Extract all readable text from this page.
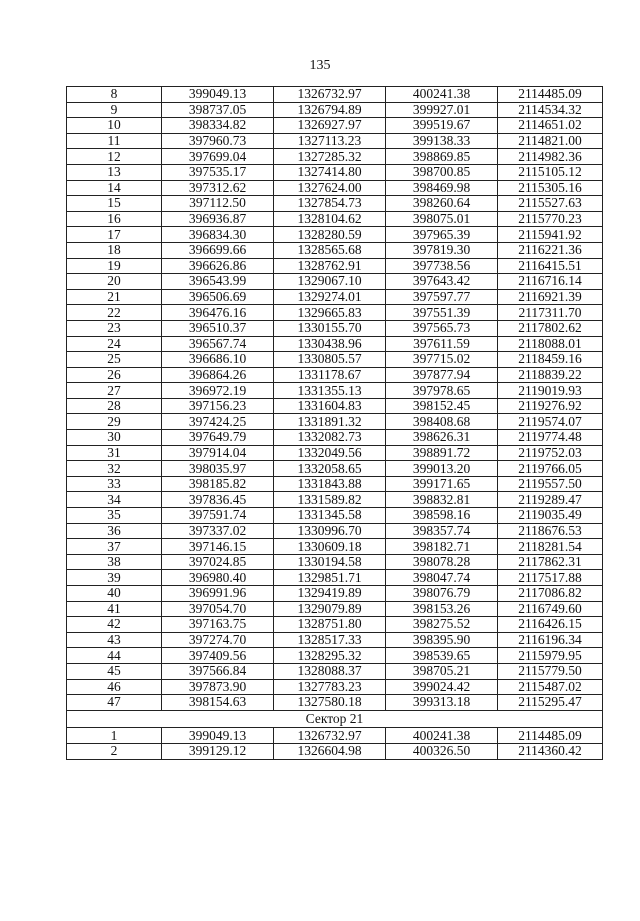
135
8	399049.13	1326732.97	400241.38	2114485.09
9	398737.05	1326794.89	399927.01	2114534.32
10	398334.82	1326927.97	399519.67	2114651.02
11	397960.73	1327113.23	399138.33	2114821.00
12	397699.04	1327285.32	398869.85	2114982.36
13	397535.17	1327414.80	398700.85	2115105.12
14	397312.62	1327624.00	398469.98	2115305.16
15	397112.50	1327854.73	398260.64	2115527.63
16	396936.87	1328104.62	398075.01	2115770.23
17	396834.30	1328280.59	397965.39	2115941.92
18	396699.66	1328565.68	397819.30	2116221.36
19	396626.86	1328762.91	397738.56	2116415.51
20	396543.99	1329067.10	397643.42	2116716.14
21	396506.69	1329274.01	397597.77	2116921.39
22	396476.16	1329665.83	397551.39	2117311.70
23	396510.37	1330155.70	397565.73	2117802.62
24	396567.74	1330438.96	397611.59	2118088.01
25	396686.10	1330805.57	397715.02	2118459.16
26	396864.26	1331178.67	397877.94	2118839.22
27	396972.19	1331355.13	397978.65	2119019.93
28	397156.23	1331604.83	398152.45	2119276.92
29	397424.25	1331891.32	398408.68	2119574.07
30	397649.79	1332082.73	398626.31	2119774.48
31	397914.04	1332049.56	398891.72	2119752.03
32	398035.97	1332058.65	399013.20	2119766.05
33	398185.82	1331843.88	399171.65	2119557.50
34	397836.45	1331589.82	398832.81	2119289.47
35	397591.74	1331345.58	398598.16	2119035.49
36	397337.02	1330996.70	398357.74	2118676.53
37	397146.15	1330609.18	398182.71	2118281.54
38	397024.85	1330194.58	398078.28	2117862.31
39	396980.40	1329851.71	398047.74	2117517.88
40	396991.96	1329419.89	398076.79	2117086.82
41	397054.70	1329079.89	398153.26	2116749.60
42	397163.75	1328751.80	398275.52	2116426.15
43	397274.70	1328517.33	398395.90	2116196.34
44	397409.56	1328295.32	398539.65	2115979.95
45	397566.84	1328088.37	398705.21	2115779.50
46	397873.90	1327783.23	399024.42	2115487.02
47	398154.63	1327580.18	399313.18	2115295.47
Сектор 21				
1	399049.13	1326732.97	400241.38	2114485.09
2	399129.12	1326604.98	400326.50	2114360.42
